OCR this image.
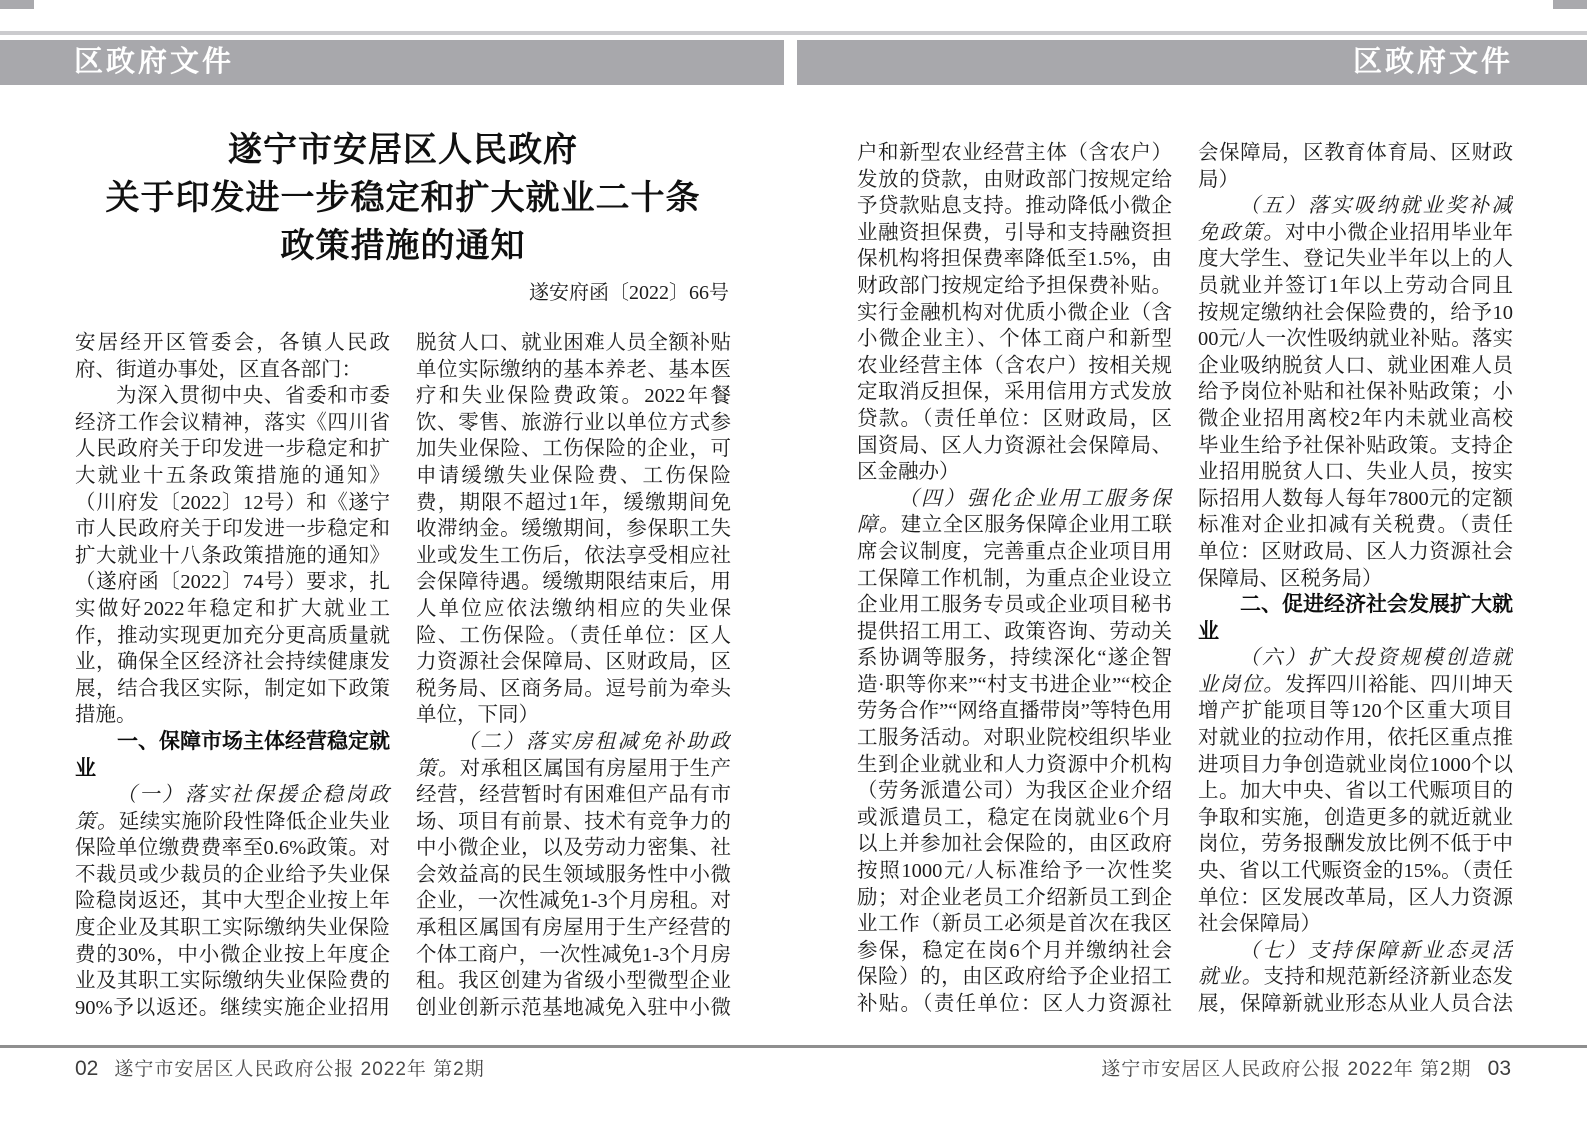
区政府文件	区政府文件
遂宁市安居区人民政府
关于印发进一步稳定和扩大就业二十条
政策措施的通知
遂安府函〔2022〕66号

安居经开区管委会，各镇人民政府、街道办事处，区直各部门：

为深入贯彻中央、省委和市委经济工作会议精神，落实《四川省人民政府关于印发进一步稳定和扩大就业十五条政策措施的通知》（川府发〔2022〕12号）和《遂宁市人民政府关于印发进一步稳定和扩大就业十八条政策措施的通知》（遂府函〔2022〕74号）要求，扎实做好2022年稳定和扩大就业工作，推动实现更加充分更高质量就业，确保全区经济社会持续健康发展，结合我区实际，制定如下政策措施。

一、保障市场主体经营稳定就业

（一）落实社保援企稳岗政策。延续实施阶段性降低企业失业保险单位缴费费率至0.6%政策。对不裁员或少裁员的企业给予失业保险稳岗返还，其中大型企业按上年度企业及其职工实际缴纳失业保险费的30%，中小微企业按上年度企业及其职工实际缴纳失业保险费的90%予以返还。继续实施企业招用脱贫人口、就业困难人员全额补贴单位实际缴纳的基本养老、基本医疗和失业保险费政策。2022年餐饮、零售、旅游行业以单位方式参加失业保险、工伤保险的企业，可申请缓缴失业保险费、工伤保险费，期限不超过1年，缓缴期间免收滞纳金。缓缴期间，参保职工失业或发生工伤后，依法享受相应社会保障待遇。缓缴期限结束后，用人单位应依法缴纳相应的失业保险、工伤保险。（责任单位：区人力资源社会保障局、区财政局，区税务局、区商务局。逗号前为牵头单位，下同）

（二）落实房租减免补助政策。对承租区属国有房屋用于生产经营，经营暂时有困难但产品有市场、项目有前景、技术有竞争力的中小微企业，以及劳动力密集、社会效益高的民生领域服务性中小微企业，一次性减免1-3个月房租。对承租区属国有房屋用于生产经营的个体工商户，一次性减免1-3个月房租。我区创建为省级小型微型企业创业创新示范基地减免入驻中小微

02 遂宁市安居区人民政府公报 2022年 第2期

户和新型农业经营主体（含农户）发放的贷款，由财政部门按规定给予贷款贴息支持。推动降低小微企业融资担保费，引导和支持融资担保机构将担保费率降低至1.5%，由财政部门按规定给予担保费补贴。实行金融机构对优质小微企业（含小微企业主）、个体工商户和新型农业经营主体（含农户）按相关规定取消反担保，采用信用方式发放贷款。（责任单位：区财政局，区国资局、区人力资源社会保障局、区金融办）

（四）强化企业用工服务保障。建立全区服务保障企业用工联席会议制度，完善重点企业项目用工保障工作机制，为重点企业设立企业用工服务专员或企业项目秘书提供招工用工、政策咨询、劳动关系协调等服务，持续深化“遂企智造·职等你来”“村支书进企业”“校企劳务合作”“网络直播带岗”等特色用工服务活动。对职业院校组织毕业生到企业就业和人力资源中介机构（劳务派遣公司）为我区企业介绍或派遣员工，稳定在岗就业6个月以上并参加社会保险的，由区政府按照1000元/人标准给予一次性奖励；对企业老员工介绍新员工到企业工作（新员工必须是首次在我区参保，稳定在岗6个月并缴纳社会保险）的，由区政府给予企业招工补贴。（责任单位：区人力资源社会保障局，区教育体育局、区财政局）

（五）落实吸纳就业奖补减免政策。对中小微企业招用毕业年度大学生、登记失业半年以上的人员就业并签订1年以上劳动合同且按规定缴纳社会保险费的，给予1000元/人一次性吸纳就业补贴。落实企业吸纳脱贫人口、就业困难人员给予岗位补贴和社保补贴政策；小微企业招用离校2年内未就业高校毕业生给予社保补贴政策。支持企业招用脱贫人口、失业人员，按实际招用人数每人每年7800元的定额标准对企业扣减有关税费。（责任单位：区财政局、区人力资源社会保障局、区税务局）

二、促进经济社会发展扩大就业

（六）扩大投资规模创造就业岗位。发挥四川裕能、四川坤天增产扩能项目等120个区重大项目对就业的拉动作用，依托区重点推进项目力争创造就业岗位1000个以上。加大中央、省以工代赈项目的争取和实施，创造更多的就近就业岗位，劳务报酬发放比例不低于中央、省以工代赈资金的15%。（责任单位：区发展改革局，区人力资源社会保障局）

（七）支持保障新业态灵活就业。支持和规范新经济新业态发展，保障新就业形态从业人员合法

遂宁市安居区人民政府公报 2022年 第2期 03
